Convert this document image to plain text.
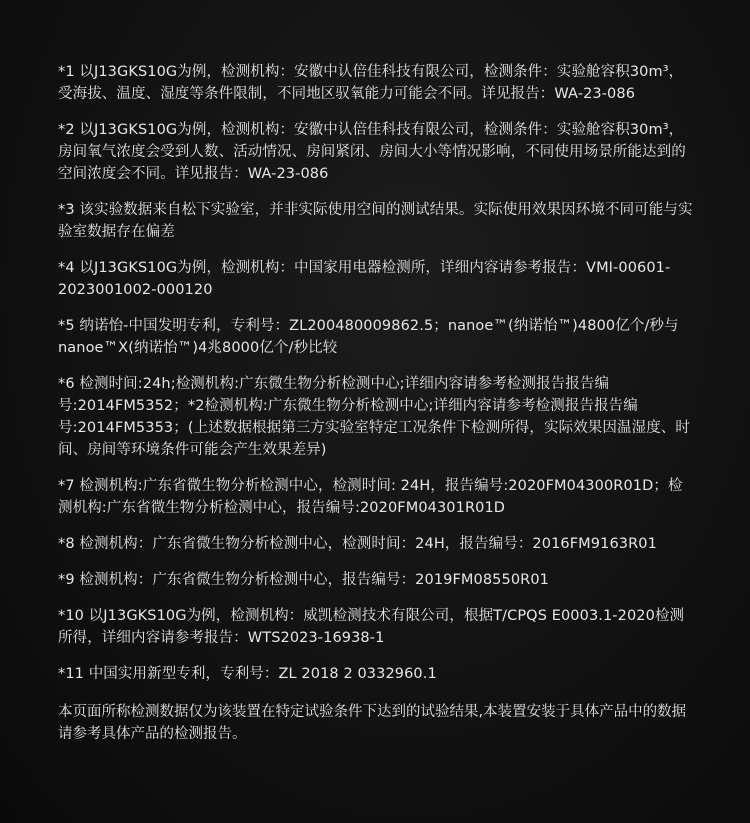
*1 以J13GKS10G为例，检测机构：安徽中认倍佳科技有限公司，检测条件：实验舱容积30m³，受海拔、温度、湿度等条件限制，不同地区驭氧能力可能会不同。详见报告：WA-23-086

*2 以J13GKS10G为例，检测机构：安徽中认倍佳科技有限公司，检测条件：实验舱容积30m³，房间氧气浓度会受到人数、活动情况、房间紧闭、房间大小等情况影响，不同使用场景所能达到的空间浓度会不同。详见报告：WA-23-086

*3 该实验数据来自松下实验室，并非实际使用空间的测试结果。实际使用效果因环境不同可能与实验室数据存在偏差

*4 以J13GKS10G为例，检测机构：中国家用电器检测所，详细内容请参考报告：VMI-00601-2023001002-000120

*5 纳诺怡-中国发明专利，专利号：ZL200480009862.5；nanoe™(纳诺怡™)4800亿个/秒与nanoe™X(纳诺怡™)4兆8000亿个/秒比较

*6 检测时间:24h;检测机构:广东微生物分析检测中心;详细内容请参考检测报告报告编号:2014FM5352；*2检测机构:广东微生物分析检测中心;详细内容请参考检测报告报告编号:2014FM5353；(上述数据根据第三方实验室特定工况条件下检测所得，实际效果因温湿度、时间、房间等环境条件可能会产生效果差异)

*7 检测机构:广东省微生物分析检测中心，检测时间: 24H，报告编号:2020FM04300R01D；检测机构:广东省微生物分析检测中心，报告编号:2020FM04301R01D

*8 检测机构：广东省微生物分析检测中心，检测时间：24H，报告编号：2016FM9163R01

*9 检测机构：广东省微生物分析检测中心，报告编号：2019FM08550R01

*10 以J13GKS10G为例，检测机构：威凯检测技术有限公司，根据T/CPQS E0003.1-2020检测所得，详细内容请参考报告：WTS2023-16938-1

*11 中国实用新型专利，专利号：ZL 2018 2 0332960.1

本页面所称检测数据仅为该装置在特定试验条件下达到的试验结果,本装置安装于具体产品中的数据请参考具体产品的检测报告。
